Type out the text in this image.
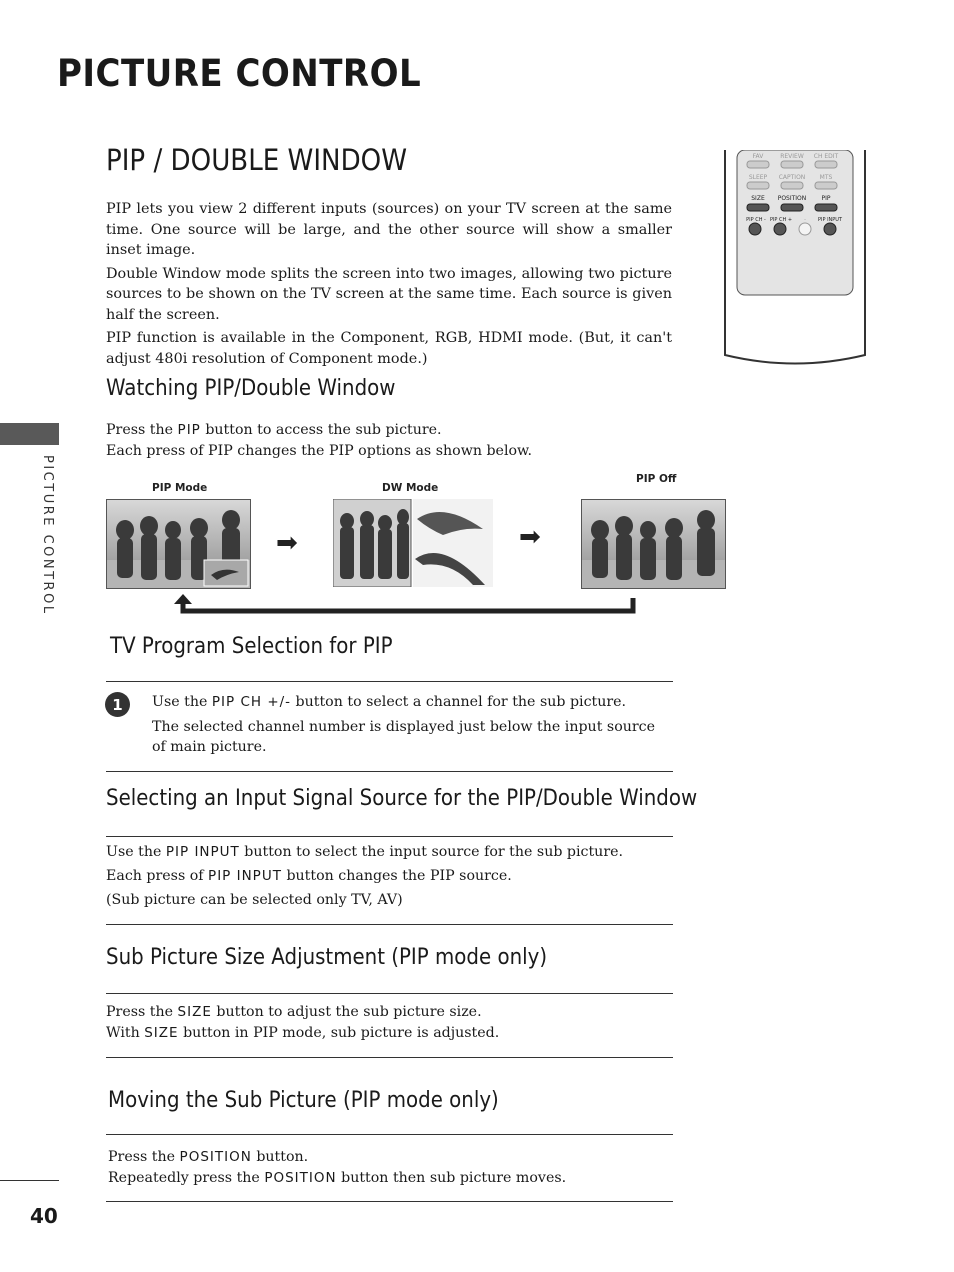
PICTURE CONTROL
PICTURE CONTROL
40
PIP / DOUBLE WINDOW

PIP lets you view 2 different inputs (sources) on your TV screen at the same time. One source will be large, and the other source will show a smaller inset image.

Double Window mode splits the screen into two images, allowing two picture sources to be shown on the TV screen at the same time. Each source is given half the screen.

PIP function is available in the Component, RGB, HDMI mode. (But, it can't adjust 480i resolution of Component mode.)

FAV	REVIEW CH EDIT
SLEEP CAPTION MTS
SIZE POSITION	PIP
PIP CH - PIP CH + - PIP INPUT
Watching PIP/Double Window

Press the PIP button to access the sub picture.

Each press of PIP changes the PIP options as shown below.

PIP Mode	DW Mode
PIP Off
➡	➡
TV Program Selection for PIP
1	Use the PIP CH +/- button to select a channel for the sub picture.

The selected channel number is displayed just below the input source of main picture.

Selecting an Input Signal Source for the PIP/Double Window

Use the PIP INPUT button to select the input source for the sub picture.

Each press of PIP INPUT button changes the PIP source.

(Sub picture can be selected only TV, AV)

Sub Picture Size Adjustment (PIP mode only)

Press the SIZE button to adjust the sub picture size.

With SIZE button in PIP mode, sub picture is adjusted.

Moving the Sub Picture (PIP mode only)

Press the POSITION button.

Repeatedly press the POSITION button then sub picture moves.
